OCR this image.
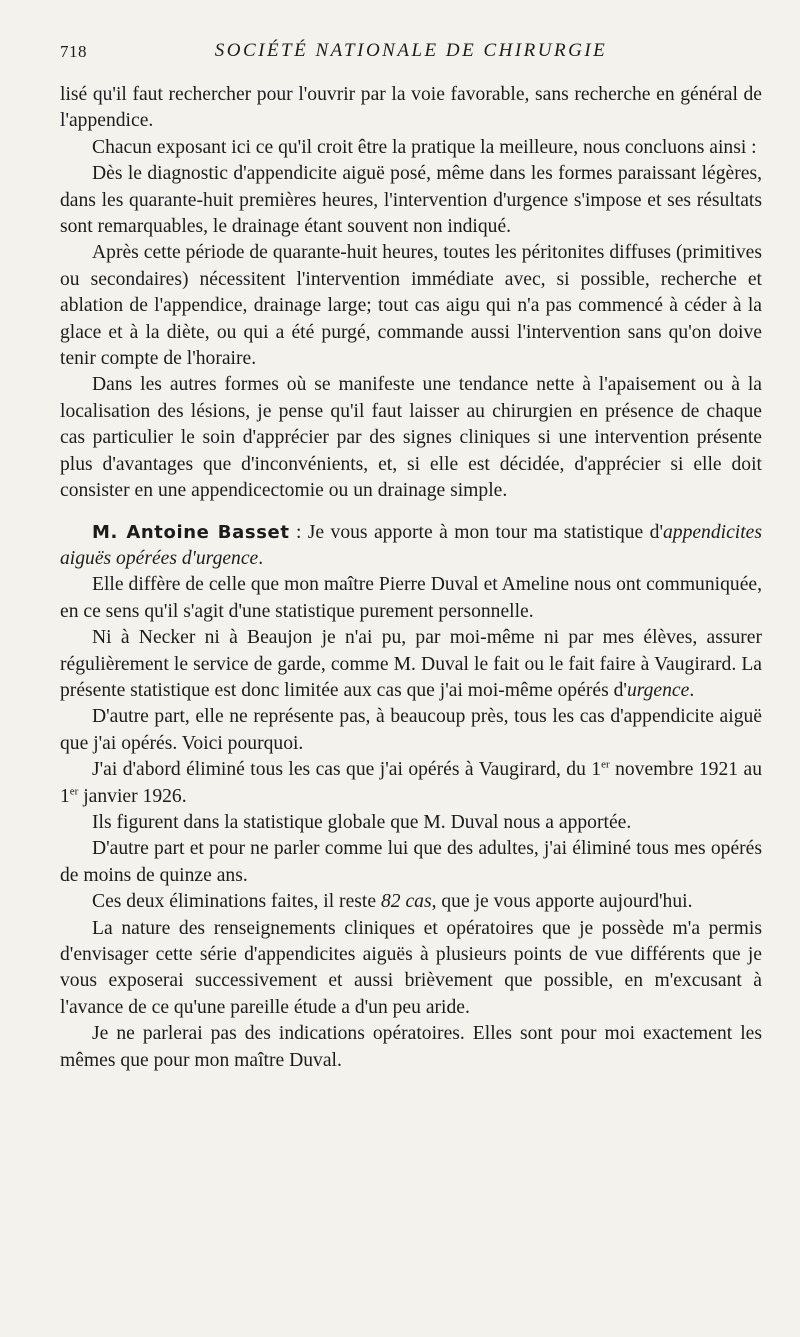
718	SOCIÉTÉ NATIONALE DE CHIRURGIE

lisé qu'il faut rechercher pour l'ouvrir par la voie favorable, sans recherche en général de l'appendice.

Chacun exposant ici ce qu'il croit être la pratique la meilleure, nous concluons ainsi :

Dès le diagnostic d'appendicite aiguë posé, même dans les formes paraissant légères, dans les quarante-huit premières heures, l'intervention d'urgence s'impose et ses résultats sont remarquables, le drainage étant souvent non indiqué.

Après cette période de quarante-huit heures, toutes les péritonites diffuses (primitives ou secondaires) nécessitent l'intervention immédiate avec, si possible, recherche et ablation de l'appendice, drainage large; tout cas aigu qui n'a pas commencé à céder à la glace et à la diète, ou qui a été purgé, commande aussi l'intervention sans qu'on doive tenir compte de l'horaire.

Dans les autres formes où se manifeste une tendance nette à l'apaisement ou à la localisation des lésions, je pense qu'il faut laisser au chirurgien en présence de chaque cas particulier le soin d'apprécier par des signes cliniques si une intervention présente plus d'avantages que d'inconvénients, et, si elle est décidée, d'apprécier si elle doit consister en une appendicectomie ou un drainage simple.

M. Antoine Basset : Je vous apporte à mon tour ma statistique d'appendicites aiguës opérées d'urgence.

Elle diffère de celle que mon maître Pierre Duval et Ameline nous ont communiquée, en ce sens qu'il s'agit d'une statistique purement personnelle.

Ni à Necker ni à Beaujon je n'ai pu, par moi-même ni par mes élèves, assurer régulièrement le service de garde, comme M. Duval le fait ou le fait faire à Vaugirard. La présente statistique est donc limitée aux cas que j'ai moi-même opérés d'urgence.

D'autre part, elle ne représente pas, à beaucoup près, tous les cas d'appendicite aiguë que j'ai opérés. Voici pourquoi.

J'ai d'abord éliminé tous les cas que j'ai opérés à Vaugirard, du 1er novembre 1921 au 1er janvier 1926.

Ils figurent dans la statistique globale que M. Duval nous a apportée.

D'autre part et pour ne parler comme lui que des adultes, j'ai éliminé tous mes opérés de moins de quinze ans.

Ces deux éliminations faites, il reste 82 cas, que je vous apporte aujourd'hui.

La nature des renseignements cliniques et opératoires que je possède m'a permis d'envisager cette série d'appendicites aiguës à plusieurs points de vue différents que je vous exposerai successivement et aussi brièvement que possible, en m'excusant à l'avance de ce qu'une pareille étude a d'un peu aride.

Je ne parlerai pas des indications opératoires. Elles sont pour moi exactement les mêmes que pour mon maître Duval.
